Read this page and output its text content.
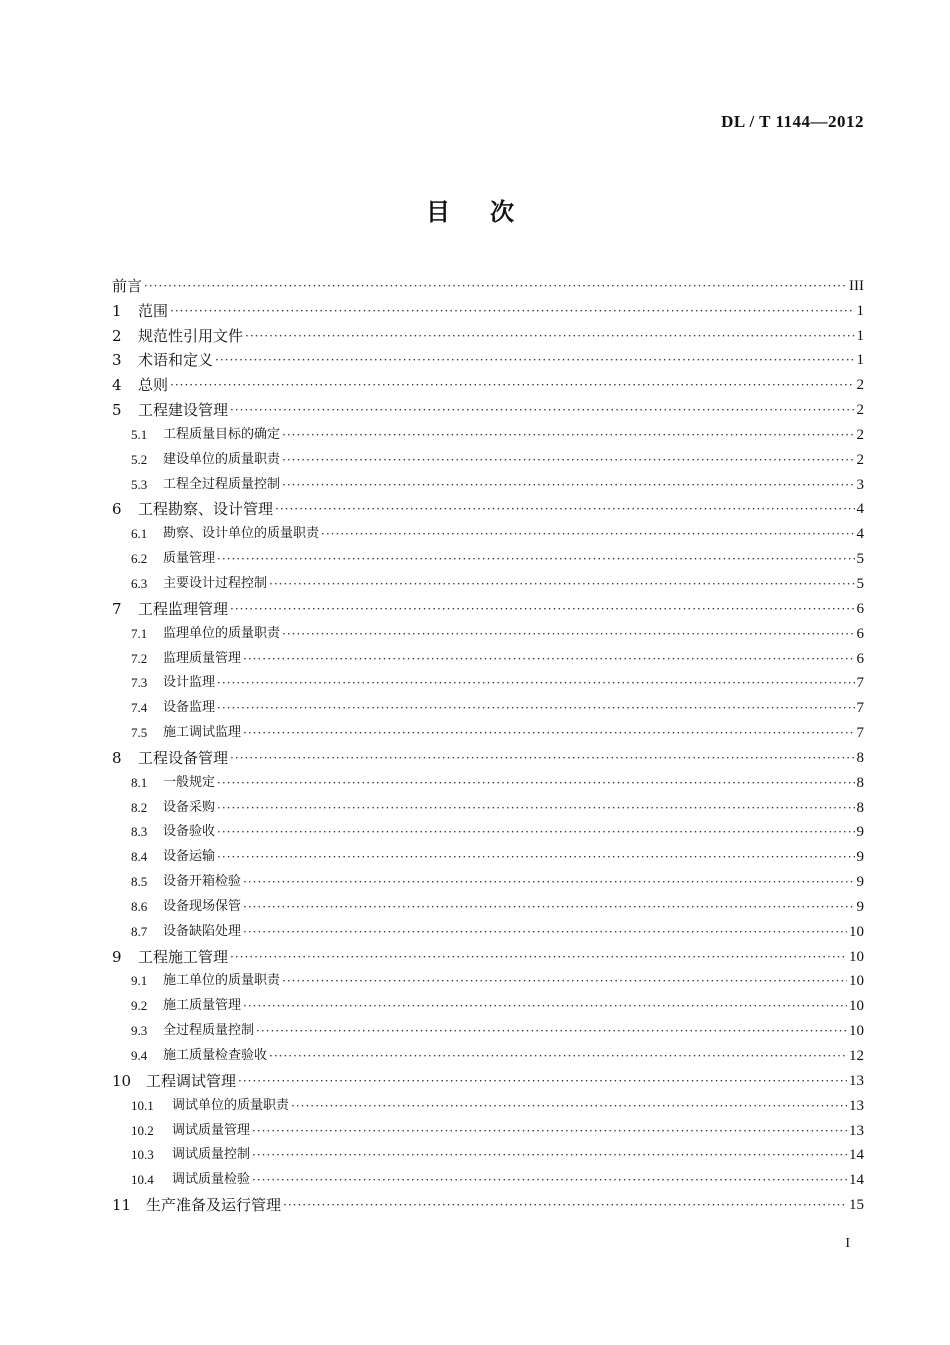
DL / T 1144—2012
目次
前言 ·····	III
1	范围 ·····	1
2	规范性引用文件 ·····	1
3	术语和定义 ·····	1
4	总则 ·····	2
5	工程建设管理 ·····	2
5.1	工程质量目标的确定 ·····	2
5.2	建设单位的质量职责 ·····	2
5.3	工程全过程质量控制 ·····	3
6	工程勘察、设计管理 ·····	4
6.1	勘察、设计单位的质量职责 ·····	4
6.2	质量管理 ·····	5
6.3	主要设计过程控制 ·····	5
7	工程监理管理 ·····	6
7.1	监理单位的质量职责 ·····	6
7.2	监理质量管理 ·····	6
7.3	设计监理 ·····	7
7.4	设备监理 ·····	7
7.5	施工调试监理 ·····	7
8	工程设备管理 ·····	8
8.1	一般规定 ·····	8
8.2	设备采购 ·····	8
8.3	设备验收 ·····	9
8.4	设备运输 ·····	9
8.5	设备开箱检验 ·····	9
8.6	设备现场保管 ·····	9
8.7	设备缺陷处理 ·····	10
9	工程施工管理 ·····	10
9.1	施工单位的质量职责 ·····	10
9.2	施工质量管理 ·····	10
9.3	全过程质量控制 ·····	10
9.4	施工质量检查验收 ·····	12
10 工程调试管理 ·····	13
10.1	调试单位的质量职责 ·····	13
10.2	调试质量管理 ·····	13
10.3	调试质量控制 ·····	14
10.4	调试质量检验 ·····	14
11 生产准备及运行管理 ·····	15
I
